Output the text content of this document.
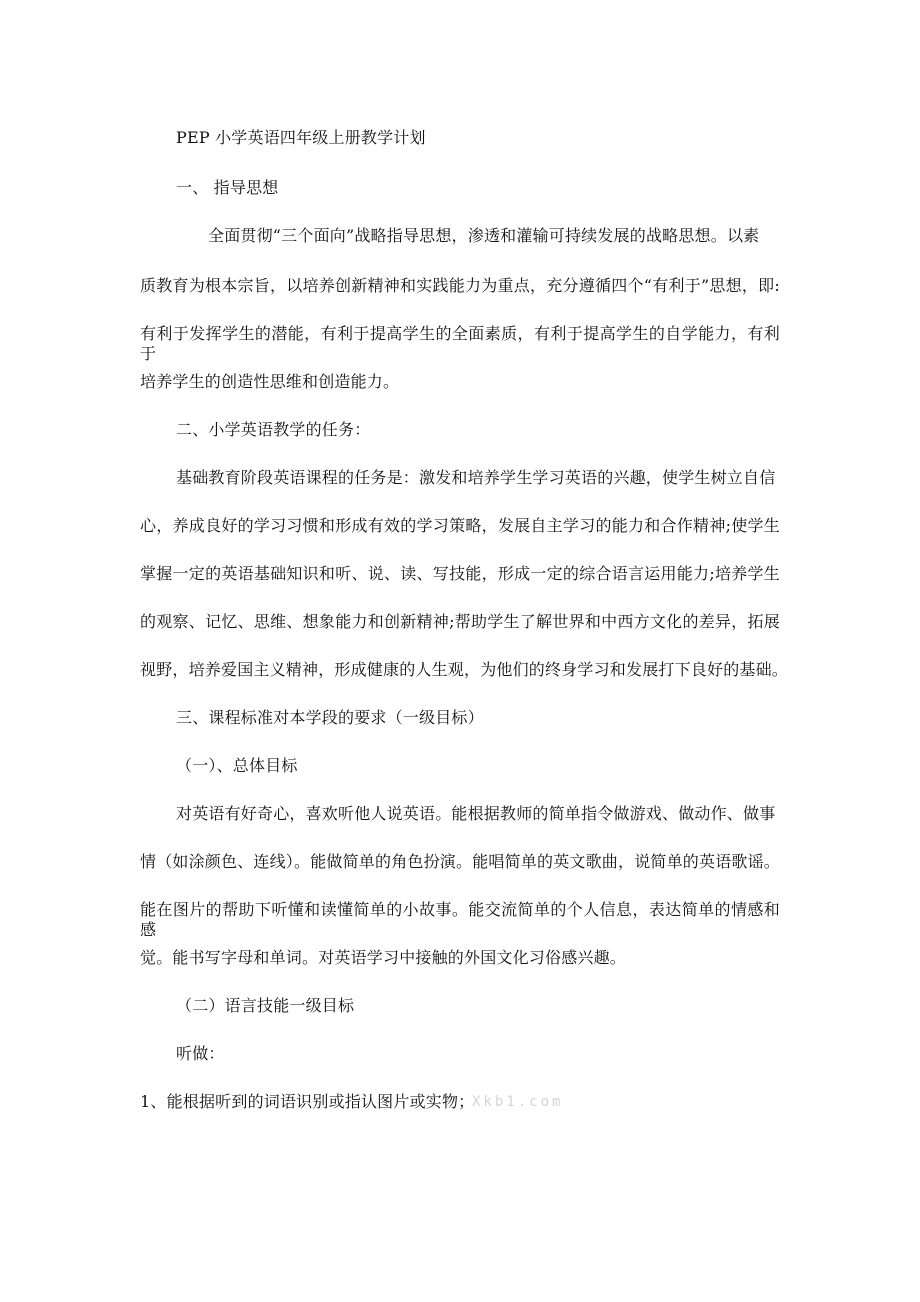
PEP 小学英语四年级上册教学计划
一、 指导思想
全面贯彻“三个面向”战略指导思想，渗透和灌输可持续发展的战略思想。以素
质教育为根本宗旨，以培养创新精神和实践能力为重点，充分遵循四个“有利于”思想，即:
有利于发挥学生的潜能，有利于提高学生的全面素质，有利于提高学生的自学能力，有利于
培养学生的创造性思维和创造能力。
二、小学英语教学的任务：
基础教育阶段英语课程的任务是：激发和培养学生学习英语的兴趣，使学生树立自信
心，养成良好的学习习惯和形成有效的学习策略，发展自主学习的能力和合作精神;使学生
掌握一定的英语基础知识和听、说、读、写技能，形成一定的综合语言运用能力;培养学生
的观察、记忆、思维、想象能力和创新精神;帮助学生了解世界和中西方文化的差异，拓展
视野，培养爱国主义精神，形成健康的人生观，为他们的终身学习和发展打下良好的基础。
三、课程标准对本学段的要求（一级目标）
（一）、总体目标
对英语有好奇心，喜欢听他人说英语。能根据教师的简单指令做游戏、做动作、做事
情（如涂颜色、连线）。能做简单的角色扮演。能唱简单的英文歌曲，说简单的英语歌谣。
能在图片的帮助下听懂和读懂简单的小故事。能交流简单的个人信息，表达简单的情感和感
觉。能书写字母和单词。对英语学习中接触的外国文化习俗感兴趣。
（二）语言技能一级目标
听做：
1、能根据听到的词语识别或指认图片或实物；
Xkb1.com
